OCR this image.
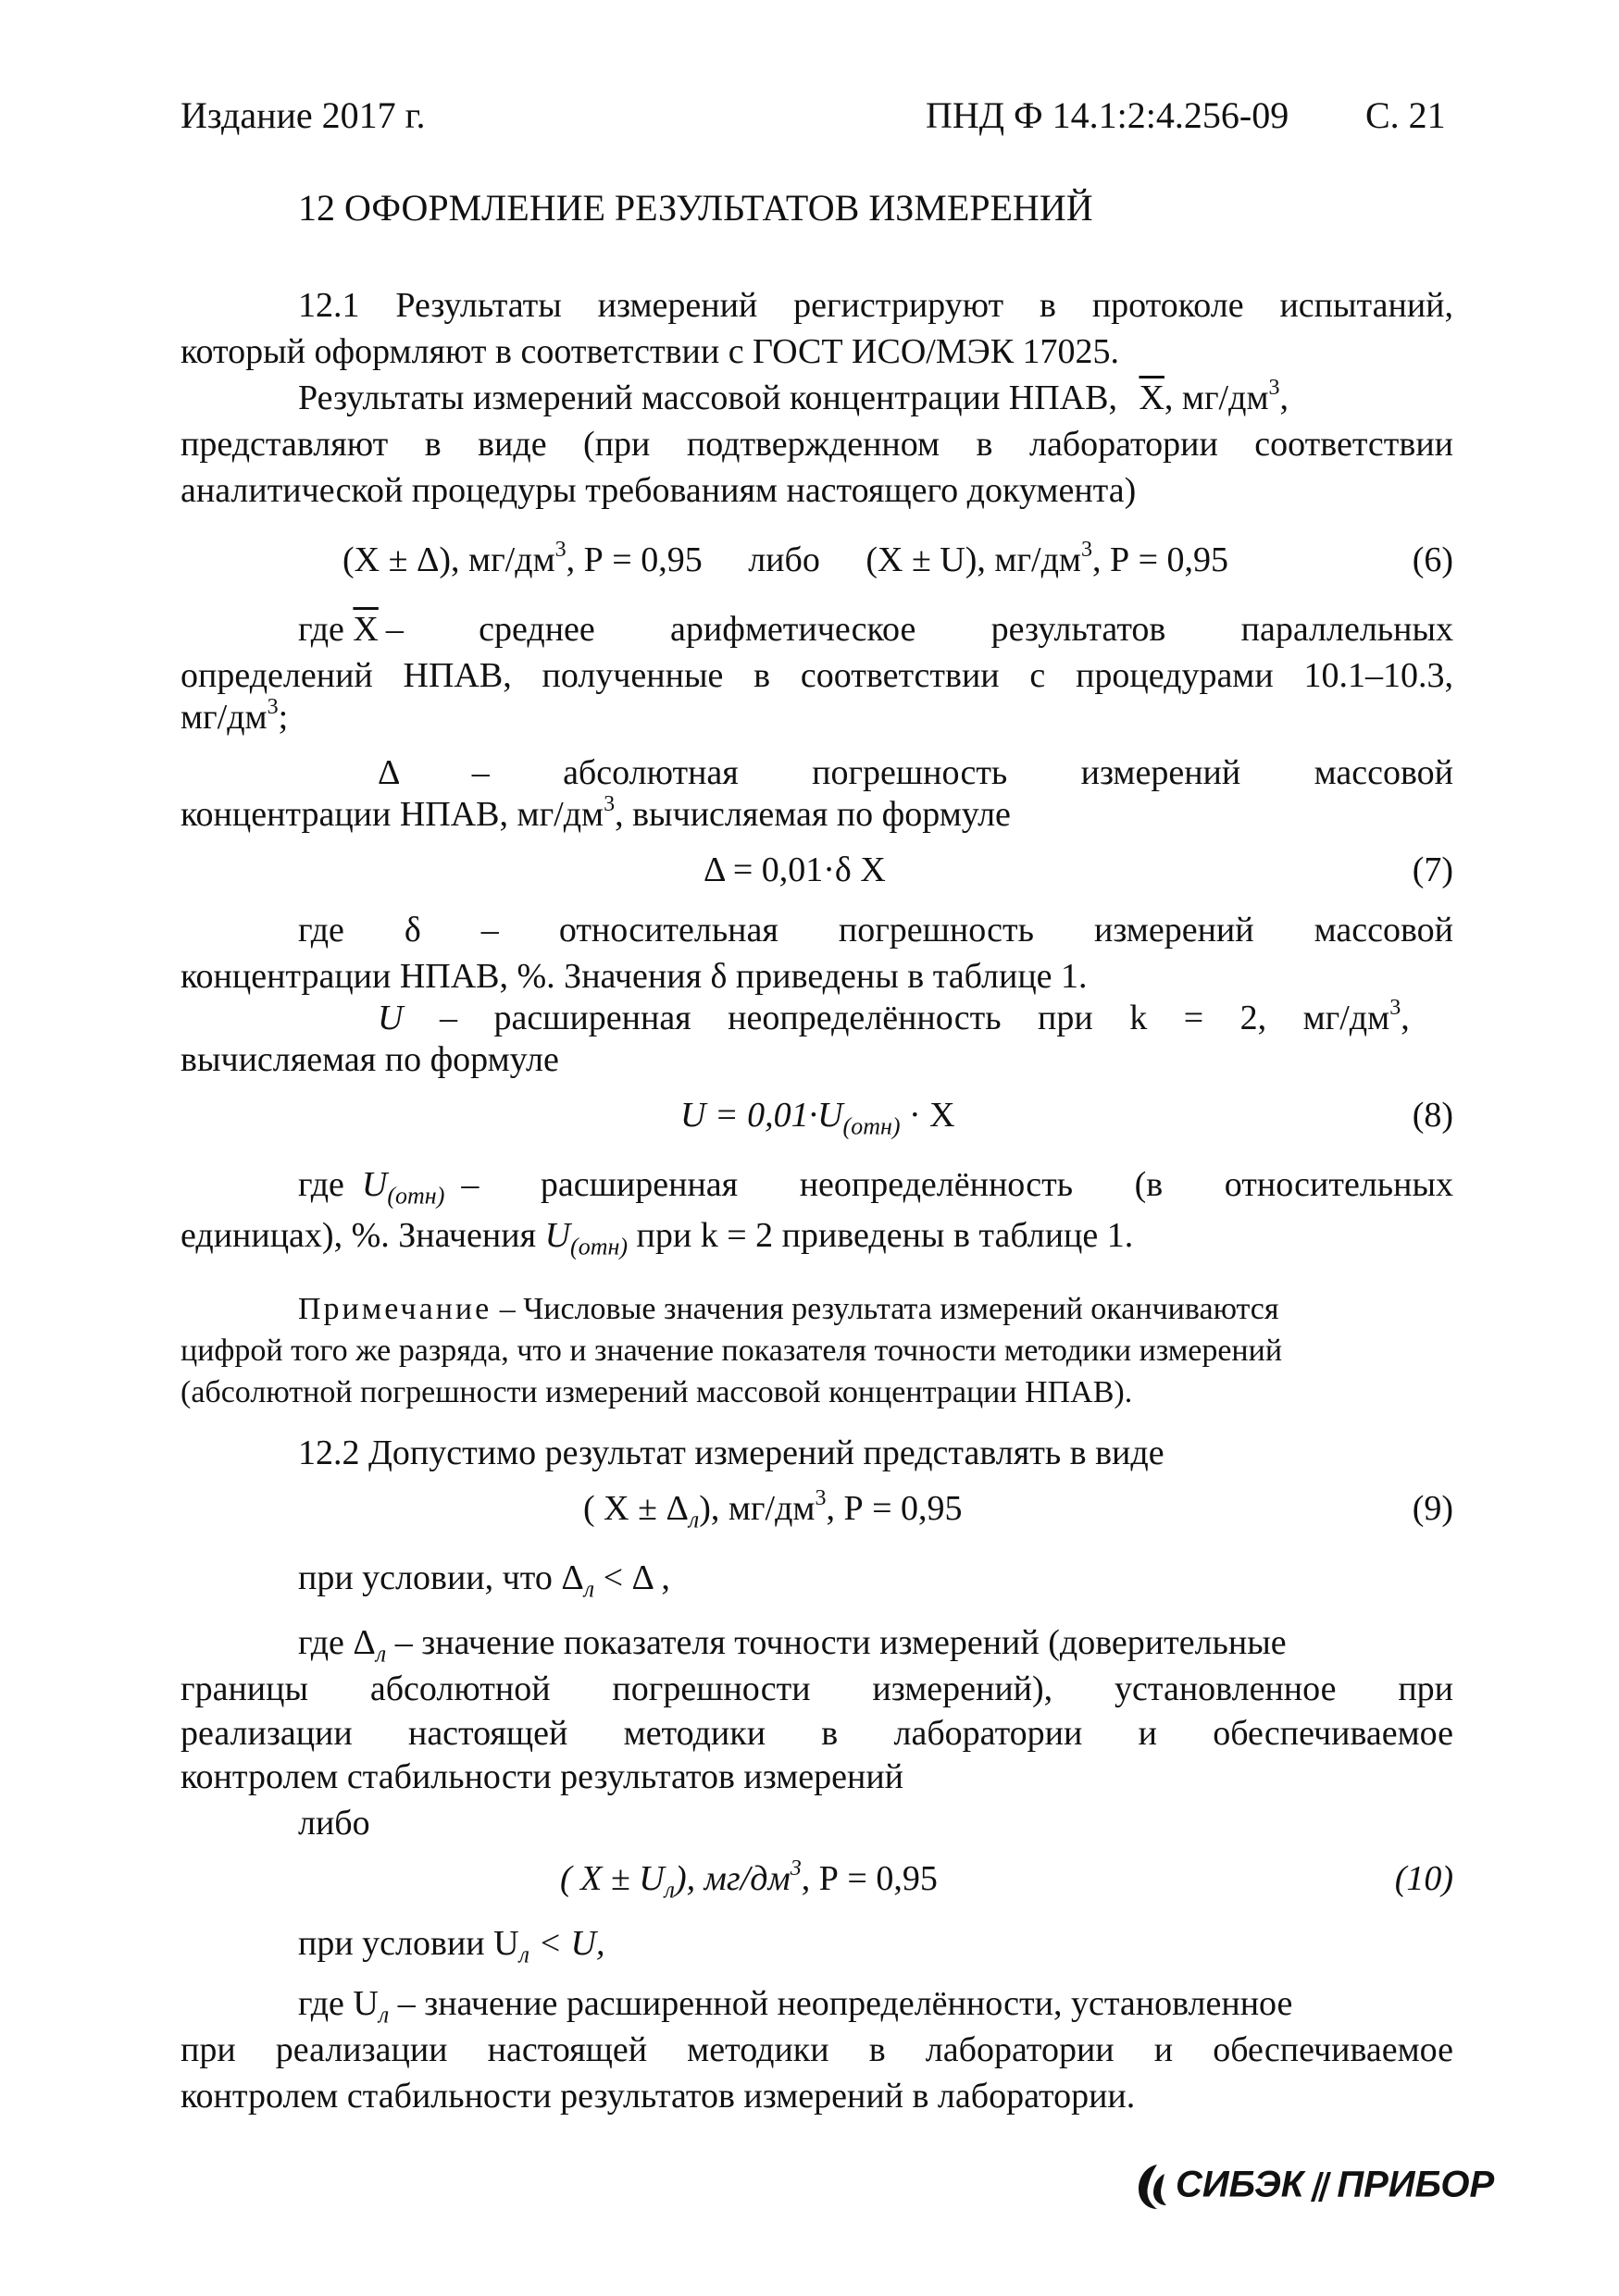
Издание 2017 г.	ПНД Ф 14.1:2:4.256-09 С. 21
12 ОФОРМЛЕНИЕ РЕЗУЛЬТАТОВ ИЗМЕРЕНИЙ
12.1 Результаты измерений регистрируют в протоколе испытаний,
который оформляют в соответствии с ГОСТ ИСО/МЭК 17025.
Результаты измерений массовой концентрации НПАВ, $\overline{X}$, $мг/дм^3$,
представляют в виде (при подтвержденном в лаборатории соответствии
аналитической процедуры требованиям настоящего документа)
(X ± Δ), $мг/дм^3$, Р = 0,95 либо (X ± U), $мг/дм^3$, Р = 0,95	(6)
где $\overline{X}$ – среднее арифметическое результатов параллельных
определений НПАВ, полученные в соответствии с процедурами 10.1–10.3,
$мг/дм^3$;
Δ – абсолютная погрешность измерений массовой
концентрации НПАВ, $мг/дм^3$, вычисляемая по формуле
Δ = 0,01·δ X	(7)
где δ – относительная погрешность измерений массовой
концентрации НПАВ, %. Значения δ приведены в таблице 1.
U – расширенная неопределённость при k = 2, $мг/дм^3$,
вычисляемая по формуле
$U = 0,01\cdot U_{(отн)} \cdot X$	(8)
где $U_{(отн)}$ – расширенная неопределённость (в относительных
единицах), %. Значения $U_{(отн)}$ при k = 2 приведены в таблице 1.
Примечание – Числовые значения результата измерений оканчиваются
цифрой того же разряда, что и значение показателя точности методики измерений
(абсолютной погрешности измерений массовой концентрации НПАВ).
12.2 Допустимо результат измерений представлять в виде
( $X \pm \Delta_л$), $мг/дм^3$, Р = 0,95	(9)
при условии, что $\Delta_л < \Delta$ ,
где $\Delta_л$ – значение показателя точности измерений (доверительные
границы абсолютной погрешности измерений), установленное при
реализации настоящей методики в лаборатории и обеспечиваемое
контролем стабильности результатов измерений
либо
( $X \pm U_л$), $мг/дм^3$, Р = 0,95	(10)
при условии $U_л < U$,
где $U_л$ – значение расширенной неопределённости, установленное
при реализации настоящей методики в лаборатории и обеспечиваемое
контролем стабильности результатов измерений в лаборатории.
СИБЭК ПРИБОР
